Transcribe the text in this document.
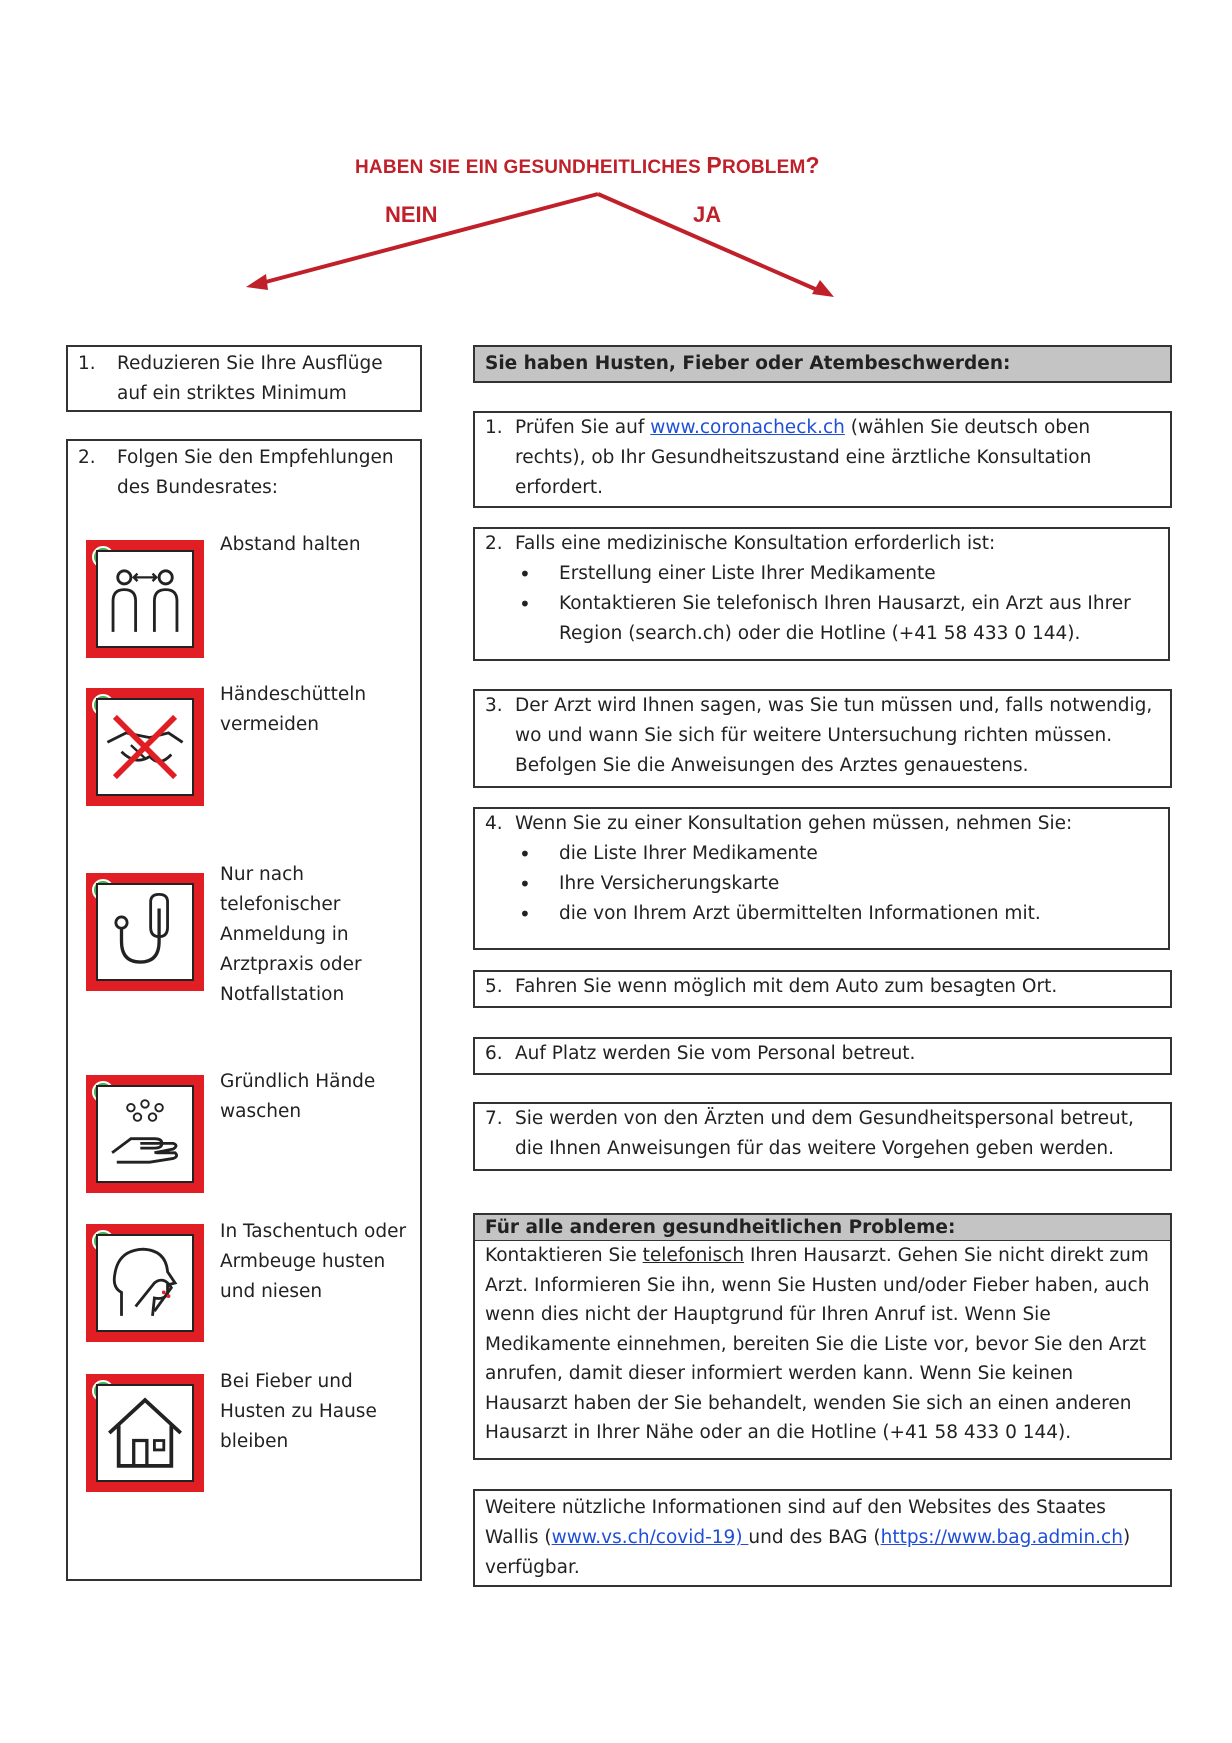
HABEN SIE EIN GESUNDHEITLICHES PROBLEM?
NEIN	JA
1. Reduzieren Sie Ihre Ausflüge auf ein striktes Minimum
2. Folgen Sie den Empfehlungen des Bundesrates:
Abstand halten
Händeschütteln vermeiden
Nur nach telefonischer Anmeldung in Arztpraxis oder Notfallstation
Gründlich Hände waschen
In Taschentuch oder Armbeuge husten und niesen
Bei Fieber und Husten zu Hause bleiben
Sie haben Husten, Fieber oder Atembeschwerden:
1. Prüfen Sie auf www.coronacheck.ch (wählen Sie deutsch oben rechts), ob Ihr Gesundheitszustand eine ärztliche Konsultation erfordert.
2. Falls eine medizinische Konsultation erforderlich ist:
• Erstellung einer Liste Ihrer Medikamente
• Kontaktieren Sie telefonisch Ihren Hausarzt, ein Arzt aus Ihrer Region (search.ch) oder die Hotline (+41 58 433 0 144).
3. Der Arzt wird Ihnen sagen, was Sie tun müssen und, falls notwendig, wo und wann Sie sich für weitere Untersuchung richten müssen. Befolgen Sie die Anweisungen des Arztes genauestens.
4. Wenn Sie zu einer Konsultation gehen müssen, nehmen Sie:
• die Liste Ihrer Medikamente
• Ihre Versicherungskarte
• die von Ihrem Arzt übermittelten Informationen mit.
5. Fahren Sie wenn möglich mit dem Auto zum besagten Ort.
6. Auf Platz werden Sie vom Personal betreut.
7. Sie werden von den Ärzten und dem Gesundheitspersonal betreut, die Ihnen Anweisungen für das weitere Vorgehen geben werden.
Für alle anderen gesundheitlichen Probleme:
Kontaktieren Sie telefonisch Ihren Hausarzt. Gehen Sie nicht direkt zum Arzt. Informieren Sie ihn, wenn Sie Husten und/oder Fieber haben, auch wenn dies nicht der Hauptgrund für Ihren Anruf ist. Wenn Sie Medikamente einnehmen, bereiten Sie die Liste vor, bevor Sie den Arzt anrufen, damit dieser informiert werden kann. Wenn Sie keinen Hausarzt haben der Sie behandelt, wenden Sie sich an einen anderen Hausarzt in Ihrer Nähe oder an die Hotline (+41 58 433 0 144).
Weitere nützliche Informationen sind auf den Websites des Staates Wallis (www.vs.ch/covid-19) und des BAG (https://www.bag.admin.ch) verfügbar.
